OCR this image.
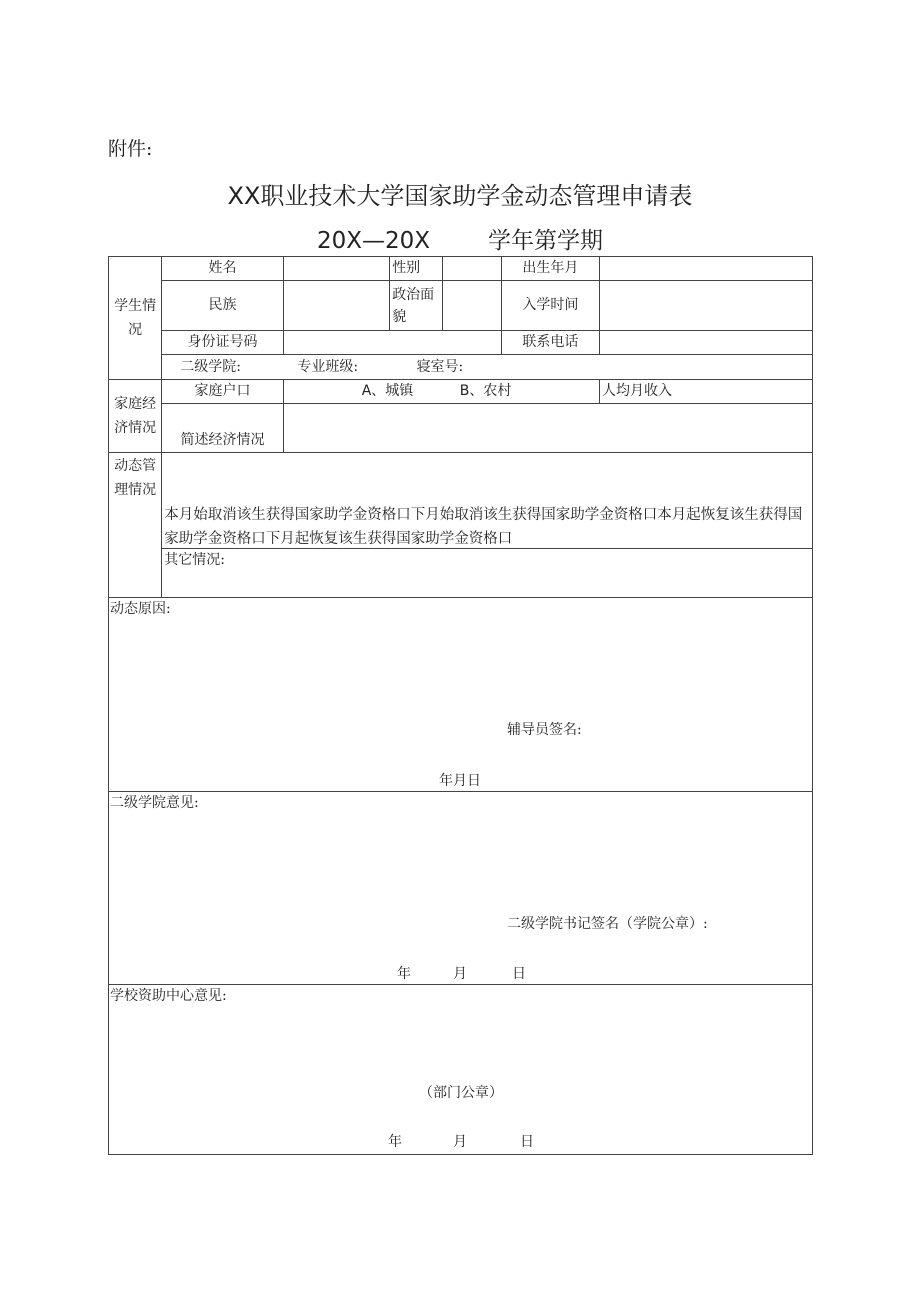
附件:
XX职业技术大学国家助学金动态管理申请表
20X—20X	学年第学期
学生情况	姓名		性别		出生年月	
	民族		政治面貌		入学时间	
	身份证号码				联系电话	
	二级学院: 专业班级: 寝室号:					

家庭经济情况	家庭户口	A、城镇 B、农村				人均月收入
	简述经济情况					

动态管理情况	本月始取消该生获得国家助学金资格口下月始取消该生获得国家助学金资格口本月起恢复该生获得国家助学金资格口下月起恢复该生获得国家助学金资格口					

	其它情况:					

动态原因:
辅导员签名:
年月日						

二级学院意见:
二级学院书记签名（学院公章）:
年 月 日						

学校资助中心意见:
（部门公章）
年 月 日						
